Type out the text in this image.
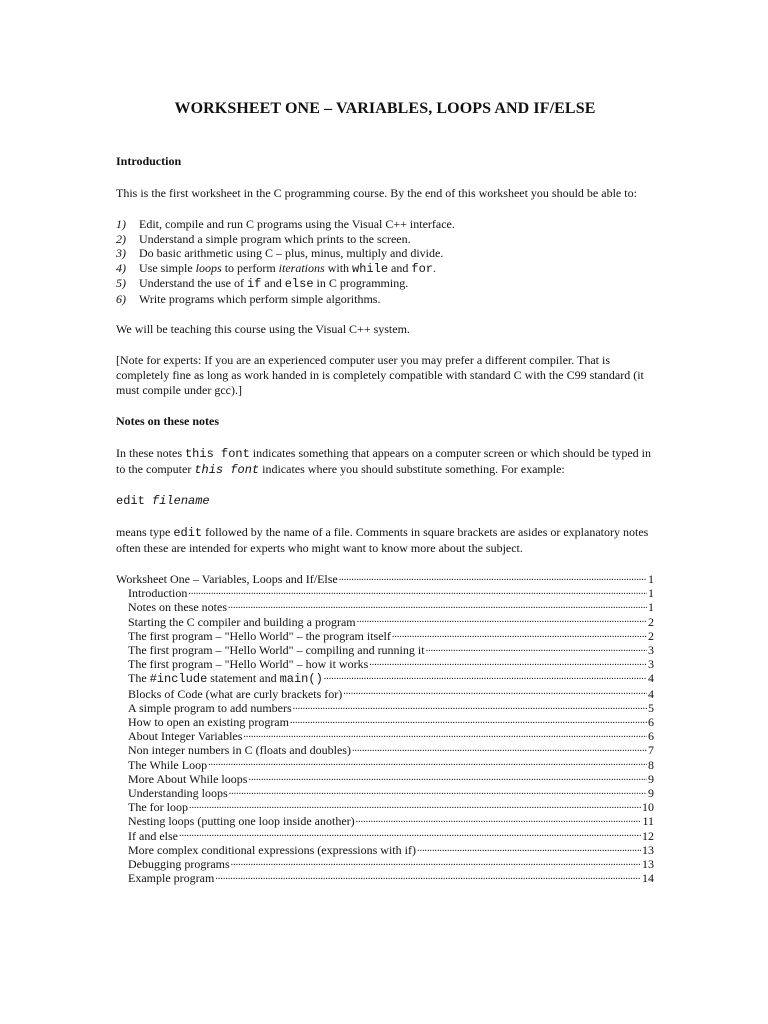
WORKSHEET ONE – VARIABLES, LOOPS AND IF/ELSE
Introduction

This is the first worksheet in the C programming course. By the end of this worksheet you should be able to:

1)	Edit, compile and run C programs using the Visual C++ interface.
2)	Understand a simple program which prints to the screen.
3)	Do basic arithmetic using C – plus, minus, multiply and divide.
4)	Use simple loops to perform iterations with while and for.
5)	Understand the use of if and else in C programming.
6)	Write programs which perform simple algorithms.

We will be teaching this course using the Visual C++ system.

[Note for experts: If you are an experienced computer user you may prefer a different compiler. That is completely fine as long as work handed in is completely compatible with standard C with the C99 standard (it must compile under gcc).]

Notes on these notes

In these notes this font indicates something that appears on a computer screen or which should be typed in to the computer this font indicates where you should substitute something. For example:

edit filename

means type edit followed by the name of a file. Comments in square brackets are asides or explanatory notes often these are intended for experts who might want to know more about the subject.

Worksheet One – Variables, Loops and If/Else .....	1
Introduction .....	1
Notes on these notes .....	1
Starting the C compiler and building a program .....	2
The first program – "Hello World" – the program itself .....	2
The first program – "Hello World" – compiling and running it .....	3
The first program – "Hello World" – how it works .....	3
The #include statement and main() .....	4
Blocks of Code (what are curly brackets for) .....	4
A simple program to add numbers .....	5
How to open an existing program .....	6
About Integer Variables .....	6
Non integer numbers in C (floats and doubles) .....	7
The While Loop .....	8
More About While loops .....	9
Understanding loops .....	9
The for loop .....	10
Nesting loops (putting one loop inside another) .....	11
If and else .....	12
More complex conditional expressions (expressions with if) .....	13
Debugging programs .....	13
Example program .....	14
